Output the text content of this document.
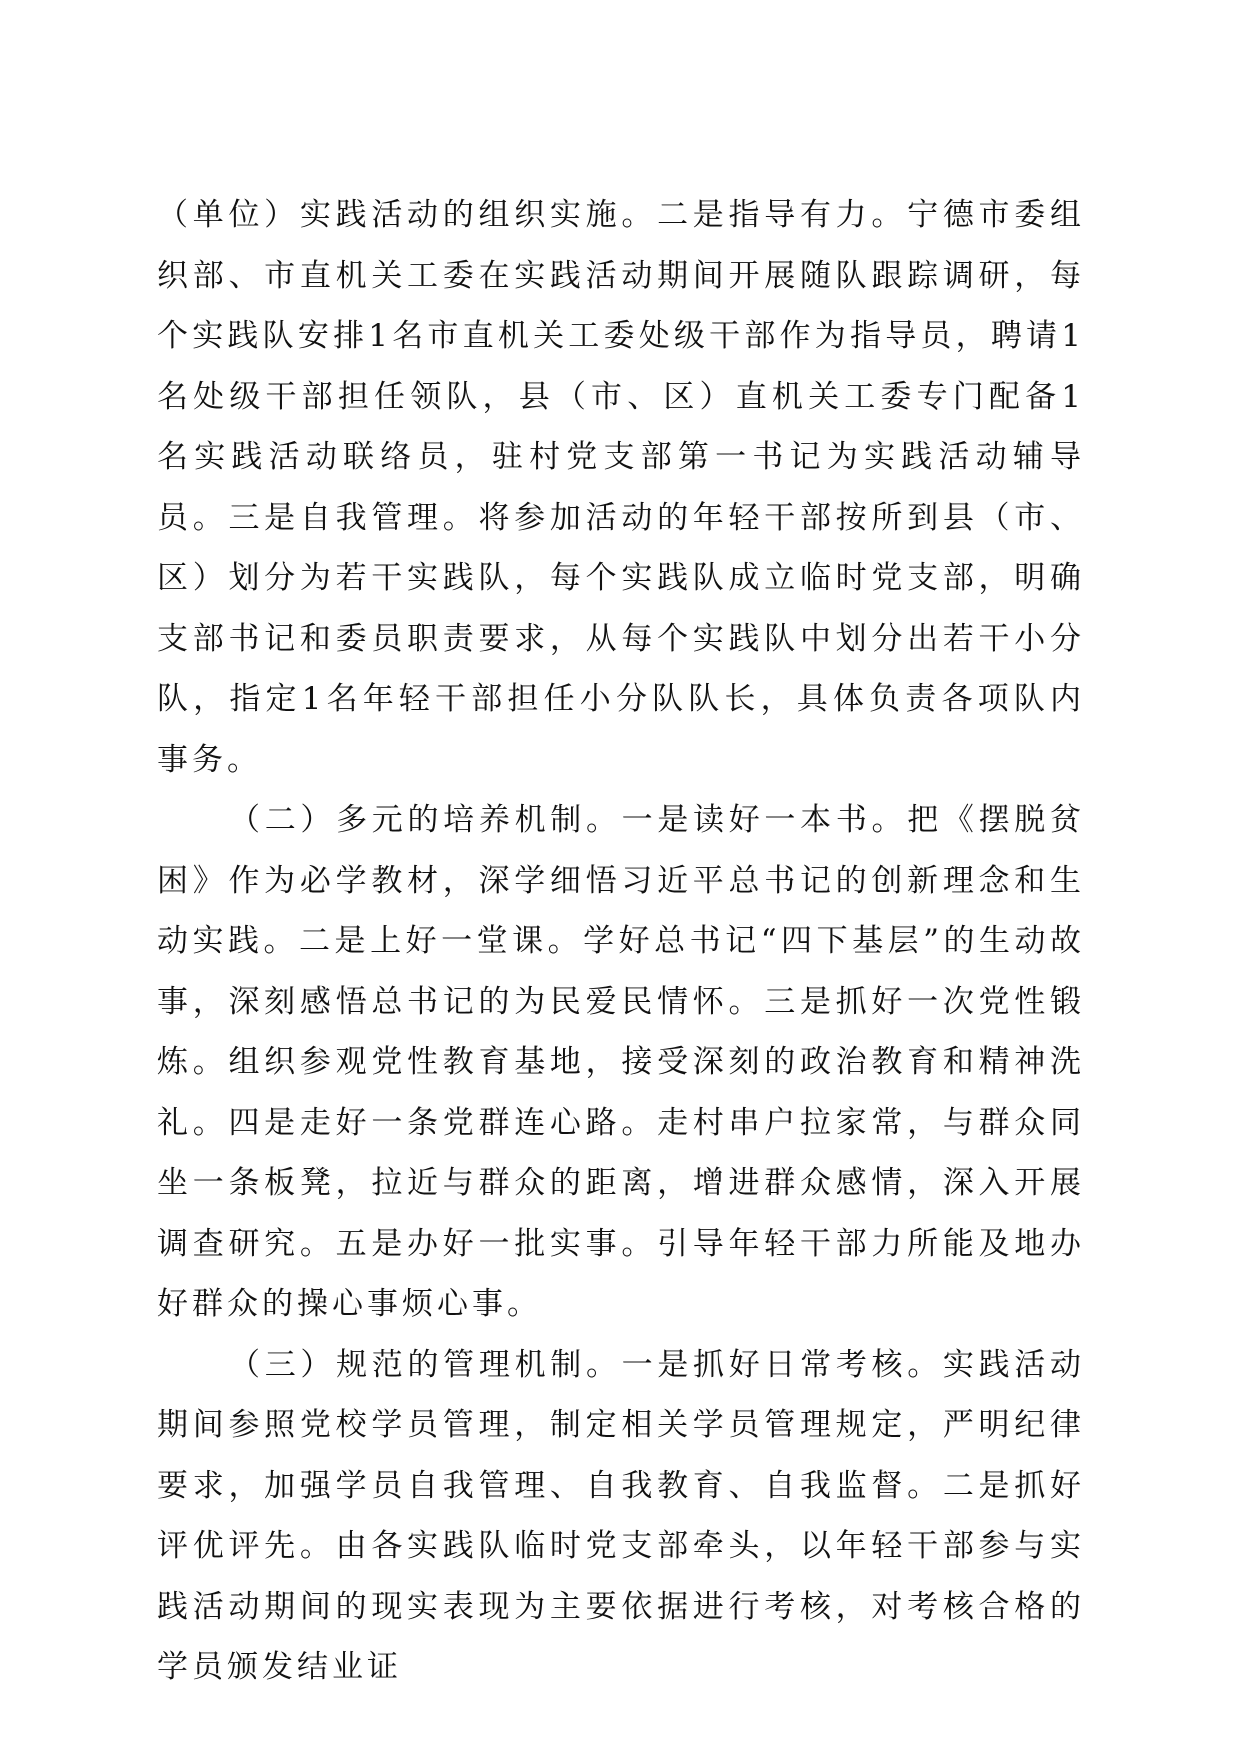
（单位）实践活动的组织实施。二是指导有力。宁德市委组织部、市直机关工委在实践活动期间开展随队跟踪调研，每个实践队安排1名市直机关工委处级干部作为指导员，聘请1名处级干部担任领队，县（市、区）直机关工委专门配备1名实践活动联络员，驻村党支部第一书记为实践活动辅导员。三是自我管理。将参加活动的年轻干部按所到县（市、区）划分为若干实践队，每个实践队成立临时党支部，明确支部书记和委员职责要求，从每个实践队中划分出若干小分队，指定1名年轻干部担任小分队队长，具体负责各项队内事务。

（二）多元的培养机制。一是读好一本书。把《摆脱贫困》作为必学教材，深学细悟习近平总书记的创新理念和生动实践。二是上好一堂课。学好总书记“四下基层”的生动故事，深刻感悟总书记的为民爱民情怀。三是抓好一次党性锻炼。组织参观党性教育基地，接受深刻的政治教育和精神洗礼。四是走好一条党群连心路。走村串户拉家常，与群众同坐一条板凳，拉近与群众的距离，增进群众感情，深入开展调查研究。五是办好一批实事。引导年轻干部力所能及地办好群众的操心事烦心事。

（三）规范的管理机制。一是抓好日常考核。实践活动期间参照党校学员管理，制定相关学员管理规定，严明纪律要求，加强学员自我管理、自我教育、自我监督。二是抓好评优评先。由各实践队临时党支部牵头，以年轻干部参与实践活动期间的现实表现为主要依据进行考核，对考核合格的学员颁发结业证
